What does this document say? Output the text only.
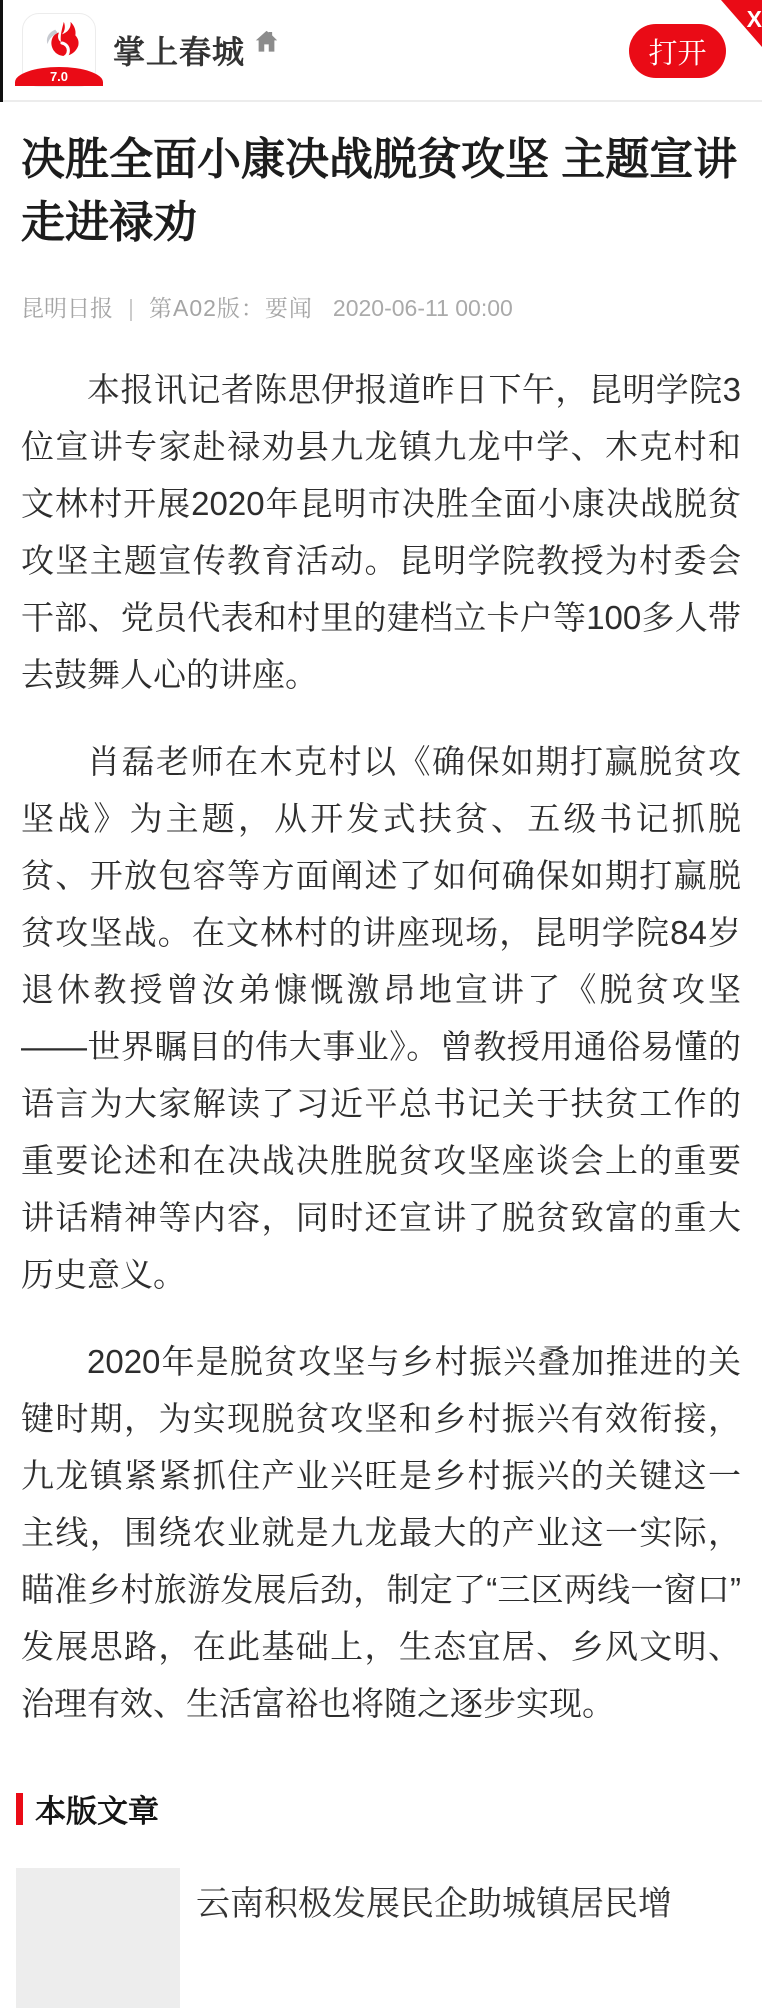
7.0
掌上春城	打开
X
决胜全面小康决战脱贫攻坚 主题宣讲走进禄劝
昆明日报 | 第A02版：要闻 2020-06-11 00:00

本报讯记者陈思伊报道昨日下午，昆明学院3位宣讲专家赴禄劝县九龙镇九龙中学、木克村和文林村开展2020年昆明市决胜全面小康决战脱贫攻坚主题宣传教育活动。昆明学院教授为村委会干部、党员代表和村里的建档立卡户等100多人带去鼓舞人心的讲座。

肖磊老师在木克村以《确保如期打赢脱贫攻坚战》为主题，从开发式扶贫、五级书记抓脱贫、开放包容等方面阐述了如何确保如期打赢脱贫攻坚战。在文林村的讲座现场，昆明学院84岁退休教授曾汝弟慷慨激昂地宣讲了《脱贫攻坚——世界瞩目的伟大事业》。曾教授用通俗易懂的语言为大家解读了习近平总书记关于扶贫工作的重要论述和在决战决胜脱贫攻坚座谈会上的重要讲话精神等内容，同时还宣讲了脱贫致富的重大历史意义。

2020年是脱贫攻坚与乡村振兴叠加推进的关键时期，为实现脱贫攻坚和乡村振兴有效衔接，九龙镇紧紧抓住产业兴旺是乡村振兴的关键这一主线，围绕农业就是九龙最大的产业这一实际，瞄准乡村旅游发展后劲，制定了“三区两线一窗口”发展思路，在此基础上，生态宜居、乡风文明、治理有效、生活富裕也将随之逐步实现。

本版文章
云南积极发展民企助城镇居民增
